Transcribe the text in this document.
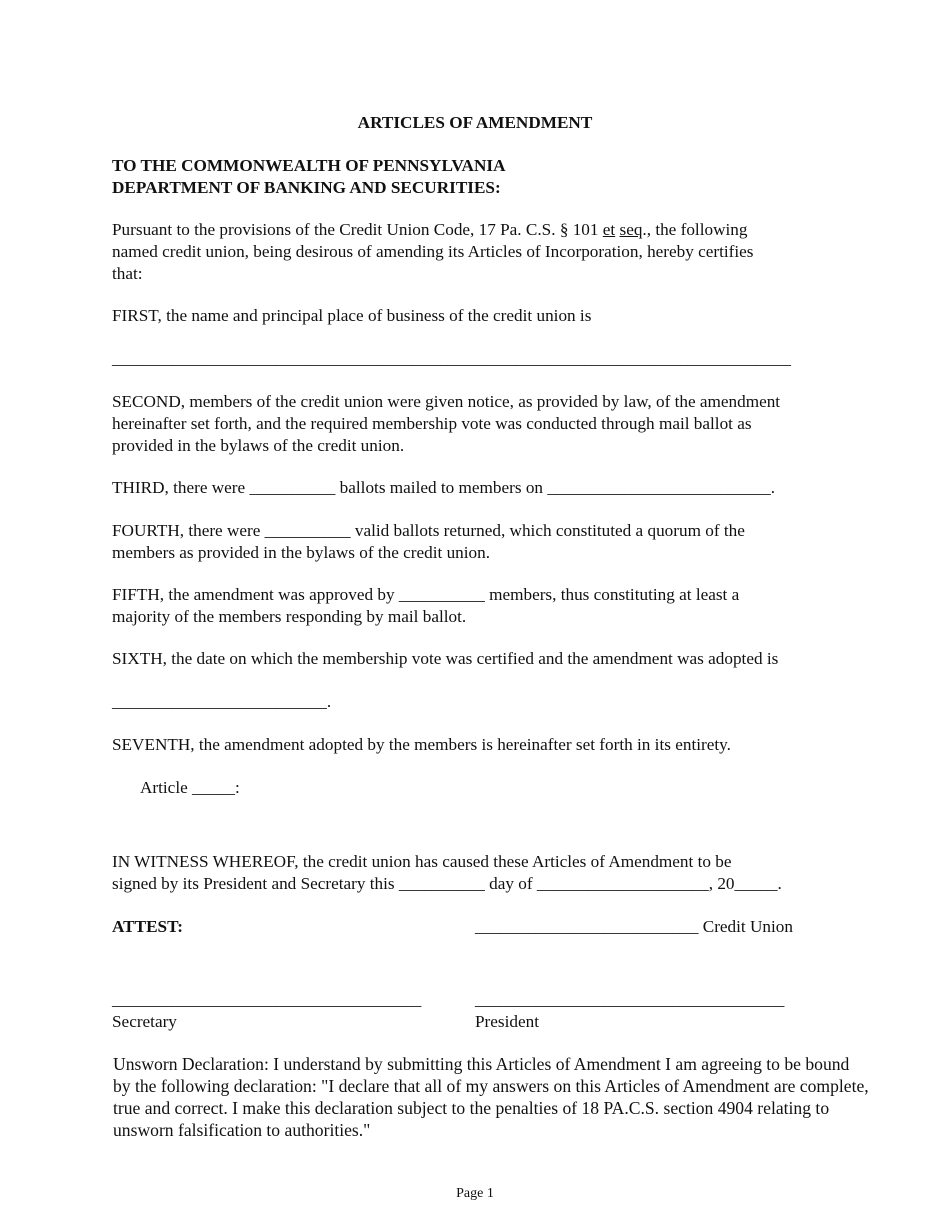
ARTICLES OF AMENDMENT
TO THE COMMONWEALTH OF PENNSYLVANIA
DEPARTMENT OF BANKING AND SECURITIES:
Pursuant to the provisions of the Credit Union Code, 17 Pa. C.S. § 101 et seq., the following
named credit union, being desirous of amending its Articles of Incorporation, hereby certifies
that:
FIRST, the name and principal place of business of the credit union is
_______________________________________________________________________________
SECOND, members of the credit union were given notice, as provided by law, of the amendment
hereinafter set forth, and the required membership vote was conducted through mail ballot as
provided in the bylaws of the credit union.
THIRD, there were __________ ballots mailed to members on __________________________.
FOURTH, there were __________ valid ballots returned, which constituted a quorum of the
members as provided in the bylaws of the credit union.
FIFTH, the amendment was approved by __________ members, thus constituting at least a
majority of the members responding by mail ballot.
SIXTH, the date on which the membership vote was certified and the amendment was adopted is
_________________________.
SEVENTH, the amendment adopted by the members is hereinafter set forth in its entirety.
Article _____:
IN WITNESS WHEREOF, the credit union has caused these Articles of Amendment to be
signed by its President and Secretary this __________ day of ____________________, 20_____.
ATTEST:	__________________________ Credit Union
____________________________________	____________________________________
Secretary	President
Unsworn Declaration: I understand by submitting this Articles of Amendment I am agreeing to be bound
by the following declaration: "I declare that all of my answers on this Articles of Amendment are complete,
true and correct. I make this declaration subject to the penalties of 18 PA.C.S. section 4904 relating to
unsworn falsification to authorities."
Page 1
